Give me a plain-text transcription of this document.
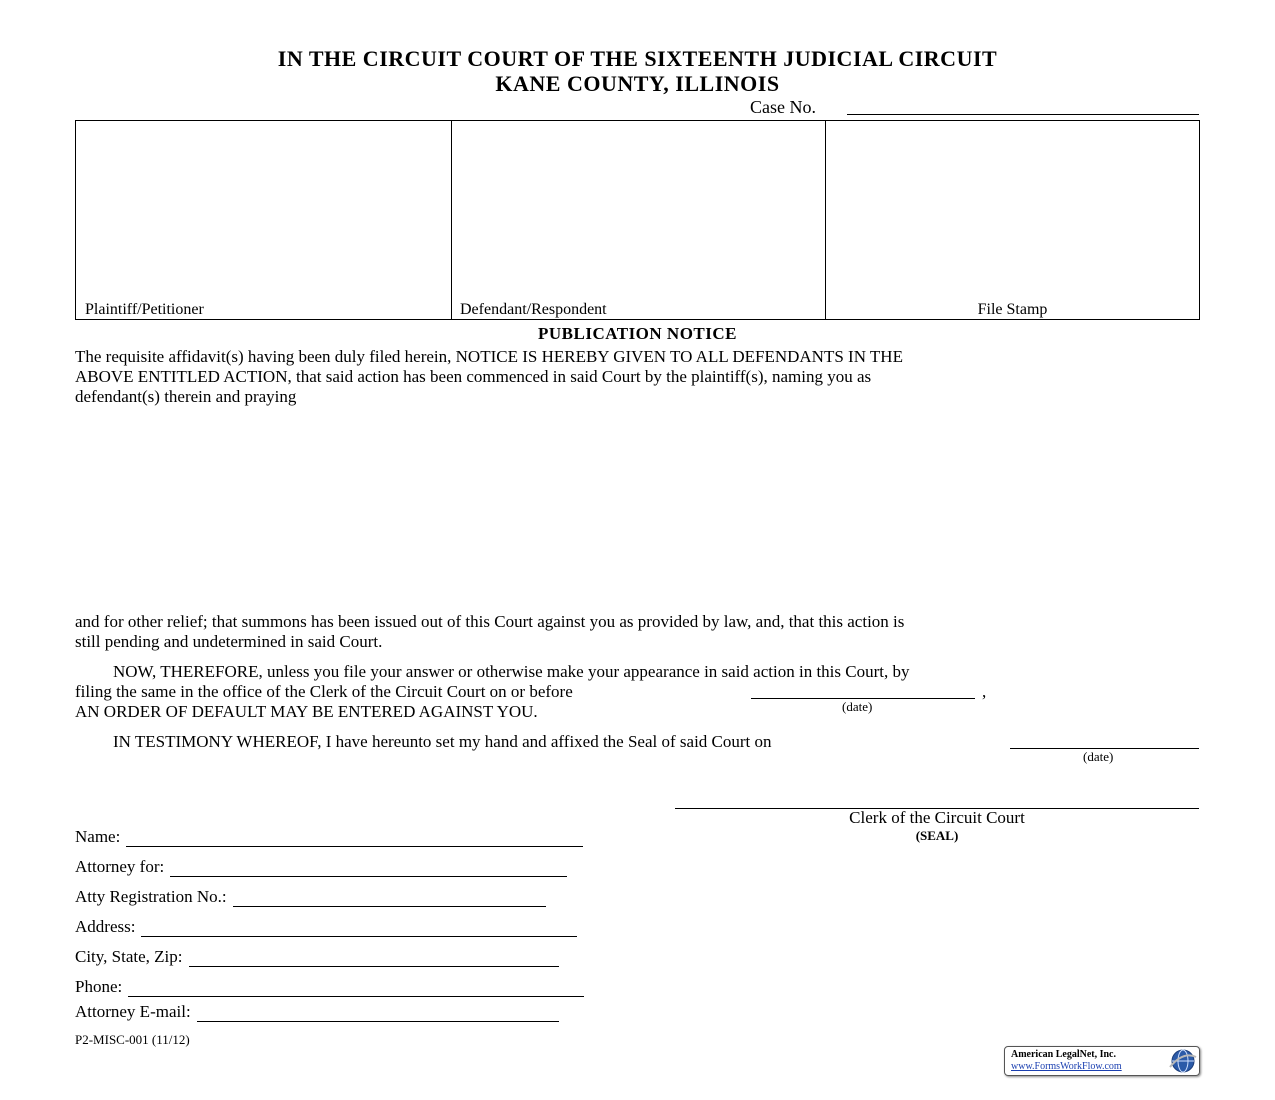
IN THE CIRCUIT COURT OF THE SIXTEENTH JUDICIAL CIRCUIT
KANE COUNTY, ILLINOIS
Case No.
Plaintiff/Petitioner	Defendant/Respondent	File Stamp
PUBLICATION NOTICE
The requisite affidavit(s) having been duly filed herein, NOTICE IS HEREBY GIVEN TO ALL DEFENDANTS IN THE
ABOVE ENTITLED ACTION, that said action has been commenced in said Court by the plaintiff(s), naming you as
defendant(s) therein and praying
and for other relief; that summons has been issued out of this Court against you as provided by law, and, that this action is
still pending and undetermined in said Court.
NOW, THEREFORE, unless you file your answer or otherwise make your appearance in said action in this Court, by
filing the same in the office of the Clerk of the Circuit Court on or before	,
(date)
AN ORDER OF DEFAULT MAY BE ENTERED AGAINST YOU.
IN TESTIMONY WHEREOF, I have hereunto set my hand and affixed the Seal of said Court on
(date)
Clerk of the Circuit Court
(SEAL)
Name:
Attorney for:
Atty Registration No.:
Address:
City, State, Zip:
Phone:
Attorney E-mail:
P2-MISC-001 (11/12)
American LegalNet, Inc.
www.FormsWorkFlow.com
